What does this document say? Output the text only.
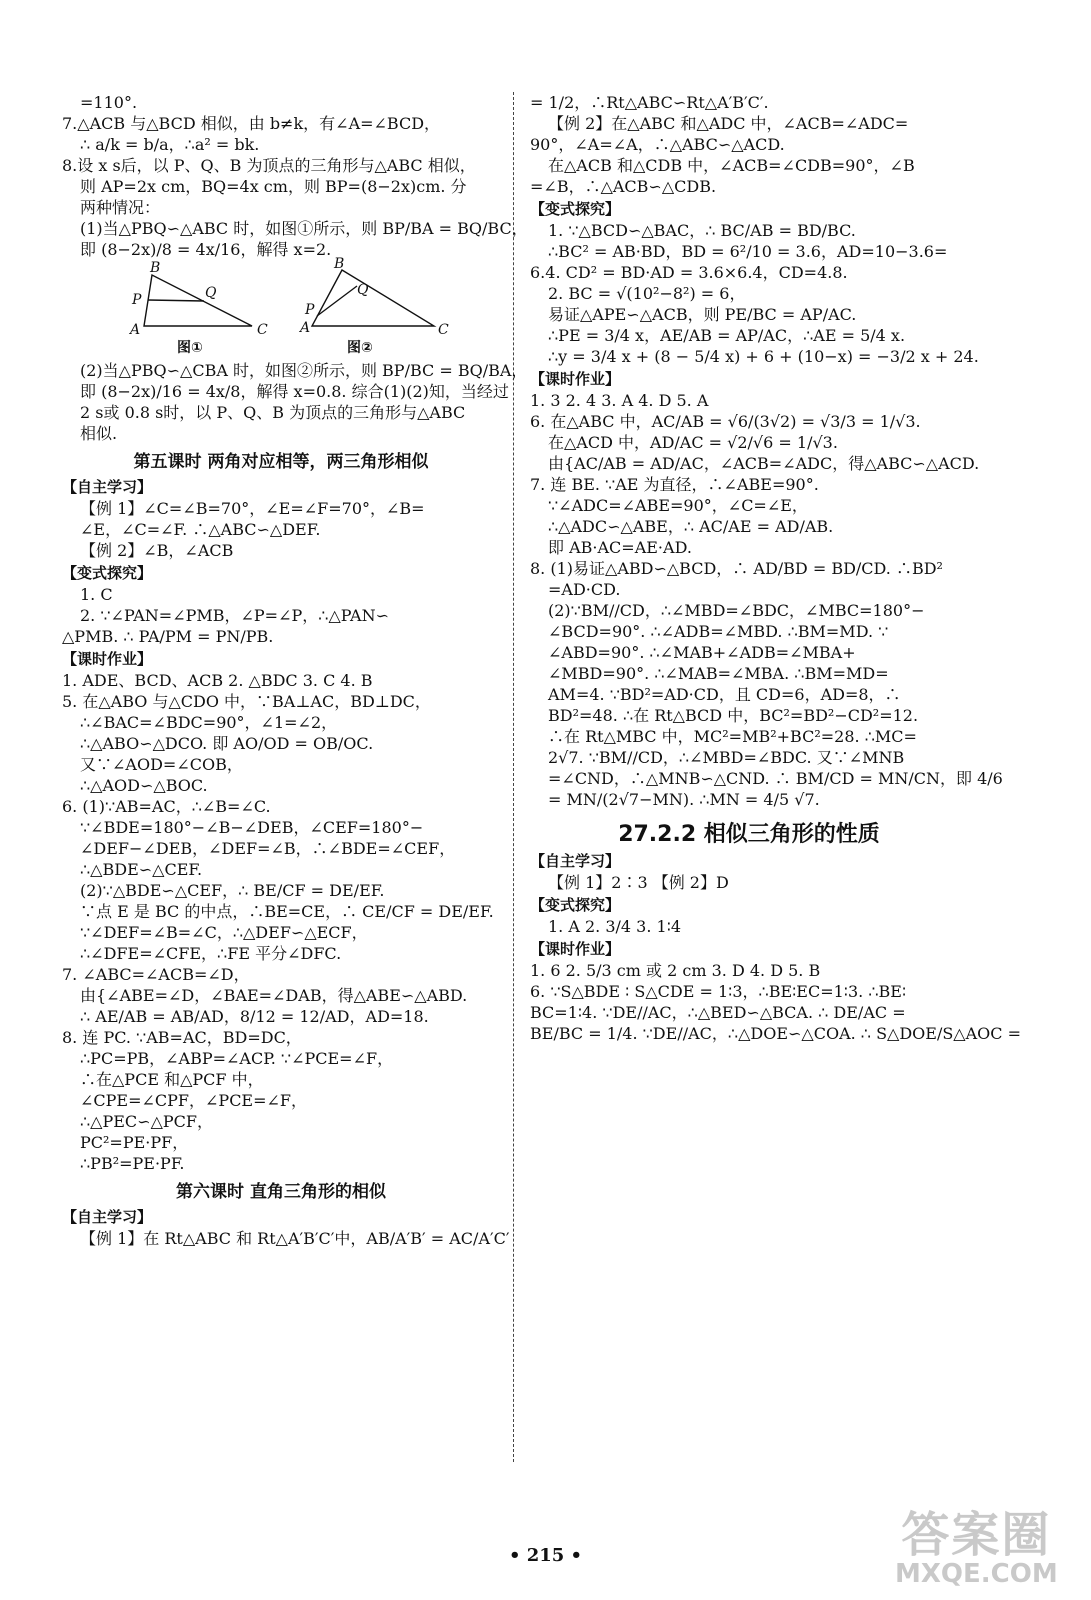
=110°.
7.△ACB 与△BCD 相似，由 b≠k，有∠A=∠BCD，
∴ a/k = b/a，∴a² = bk.
8.设 x s后，以 P、Q、B 为顶点的三角形与△ABC 相似，
则 AP=2x cm，BQ=4x cm，则 BP=(8−2x)cm. 分
两种情况：
(1)当△PBQ∽△ABC 时，如图①所示，则 BP/BA = BQ/BC，
即 (8−2x)/8 = 4x/16，解得 x=2.
B
P	Q
A	C
B
Q
P
A	C
图①	图②
(2)当△PBQ∽△CBA 时，如图②所示，则 BP/BC = BQ/BA，
即 (8−2x)/16 = 4x/8，解得 x=0.8. 综合(1)(2)知，当经过
2 s或 0.8 s时，以 P、Q、B 为顶点的三角形与△ABC
相似.
第五课时 两角对应相等，两三角形相似
【自主学习】
【例 1】∠C=∠B=70°，∠E=∠F=70°，∠B=
∠E，∠C=∠F. ∴△ABC∽△DEF.
【例 2】∠B，∠ACB
【变式探究】
1. C
2. ∵∠PAN=∠PMB，∠P=∠P，∴△PAN∽
△PMB. ∴ PA/PM = PN/PB.
【课时作业】
1. ADE、BCD、ACB 2. △BDC 3. C 4. B
5. 在△ABO 与△CDO 中，∵BA⊥AC，BD⊥DC，
∴∠BAC=∠BDC=90°，∠1=∠2，
∴△ABO∽△DCO. 即 AO/OD = OB/OC.
又∵∠AOD=∠COB，
∴△AOD∽△BOC.
6. (1)∵AB=AC，∴∠B=∠C.
∵∠BDE=180°−∠B−∠DEB，∠CEF=180°−
∠DEF−∠DEB，∠DEF=∠B，∴∠BDE=∠CEF，
∴△BDE∽△CEF.
(2)∵△BDE∽△CEF，∴ BE/CF = DE/EF.
∵点 E 是 BC 的中点，∴BE=CE，∴ CE/CF = DE/EF.
∵∠DEF=∠B=∠C，∴△DEF∽△ECF，
∴∠DFE=∠CFE，∴FE 平分∠DFC.
7. ∠ABC=∠ACB=∠D，
由{∠ABE=∠D，∠BAE=∠DAB，得△ABE∽△ABD.
∴ AE/AB = AB/AD，8/12 = 12/AD，AD=18.
8. 连 PC. ∵AB=AC，BD=DC，
∴PC=PB，∠ABP=∠ACP. ∵∠PCE=∠F，
∴在△PCE 和△PCF 中，
∠CPE=∠CPF，∠PCE=∠F，
∴△PEC∽△PCF，
PC²=PE·PF，
∴PB²=PE·PF.
第六课时 直角三角形的相似
【自主学习】
【例 1】在 Rt△ABC 和 Rt△A′B′C′中，AB/A′B′ = AC/A′C′
= 1/2，∴Rt△ABC∽Rt△A′B′C′.
【例 2】在△ABC 和△ADC 中，∠ACB=∠ADC=
90°，∠A=∠A，∴△ABC∽△ACD.
在△ACB 和△CDB 中，∠ACB=∠CDB=90°，∠B
=∠B，∴△ACB∽△CDB.
【变式探究】
1. ∵△BCD∽△BAC，∴ BC/AB = BD/BC.
∴BC² = AB·BD，BD = 6²/10 = 3.6，AD=10−3.6=
6.4. CD² = BD·AD = 3.6×6.4，CD=4.8.
2. BC = √(10²−8²) = 6，
易证△APE∽△ACB，则 PE/BC = AP/AC.
∴PE = 3/4 x，AE/AB = AP/AC，∴AE = 5/4 x.
∴y = 3/4 x + (8 − 5/4 x) + 6 + (10−x) = −3/2 x + 24.
【课时作业】
1. 3 2. 4 3. A 4. D 5. A
6. 在△ABC 中，AC/AB = √6/(3√2) = √3/3 = 1/√3.
在△ACD 中，AD/AC = √2/√6 = 1/√3.
由{AC/AB = AD/AC，∠ACB=∠ADC，得△ABC∽△ACD.
7. 连 BE. ∵AE 为直径，∴∠ABE=90°.
∵∠ADC=∠ABE=90°，∠C=∠E，
∴△ADC∽△ABE，∴ AC/AE = AD/AB.
即 AB·AC=AE·AD.
8. (1)易证△ABD∽△BCD，∴ AD/BD = BD/CD. ∴BD²
=AD·CD.
(2)∵BM//CD，∴∠MBD=∠BDC，∠MBC=180°−
∠BCD=90°. ∴∠ADB=∠MBD. ∴BM=MD. ∵
∠ABD=90°. ∴∠MAB+∠ADB=∠MBA+
∠MBD=90°. ∴∠MAB=∠MBA. ∴BM=MD=
AM=4. ∵BD²=AD·CD，且 CD=6，AD=8，∴
BD²=48. ∴在 Rt△BCD 中，BC²=BD²−CD²=12.
∴在 Rt△MBC 中，MC²=MB²+BC²=28. ∴MC=
2√7. ∵BM//CD，∴∠MBD=∠BDC. 又∵∠MNB
=∠CND，∴△MNB∽△CND. ∴ BM/CD = MN/CN，即 4/6
= MN/(2√7−MN). ∴MN = 4/5 √7.
27.2.2 相似三角形的性质
【自主学习】
【例 1】2∶3 【例 2】D
【变式探究】
1. A 2. 3/4 3. 1∶4
【课时作业】
1. 6 2. 5/3 cm 或 2 cm 3. D 4. D 5. B
6. ∵S△BDE ∶ S△CDE = 1∶3，∴BE∶EC=1∶3. ∴BE∶
BC=1∶4. ∵DE//AC，∴△BED∽△BCA. ∴ DE/AC =
BE/BC = 1/4. ∵DE//AC，∴△DOE∽△COA. ∴ S△DOE/S△AOC =
• 215 •	答案圈
MXQE.COM
